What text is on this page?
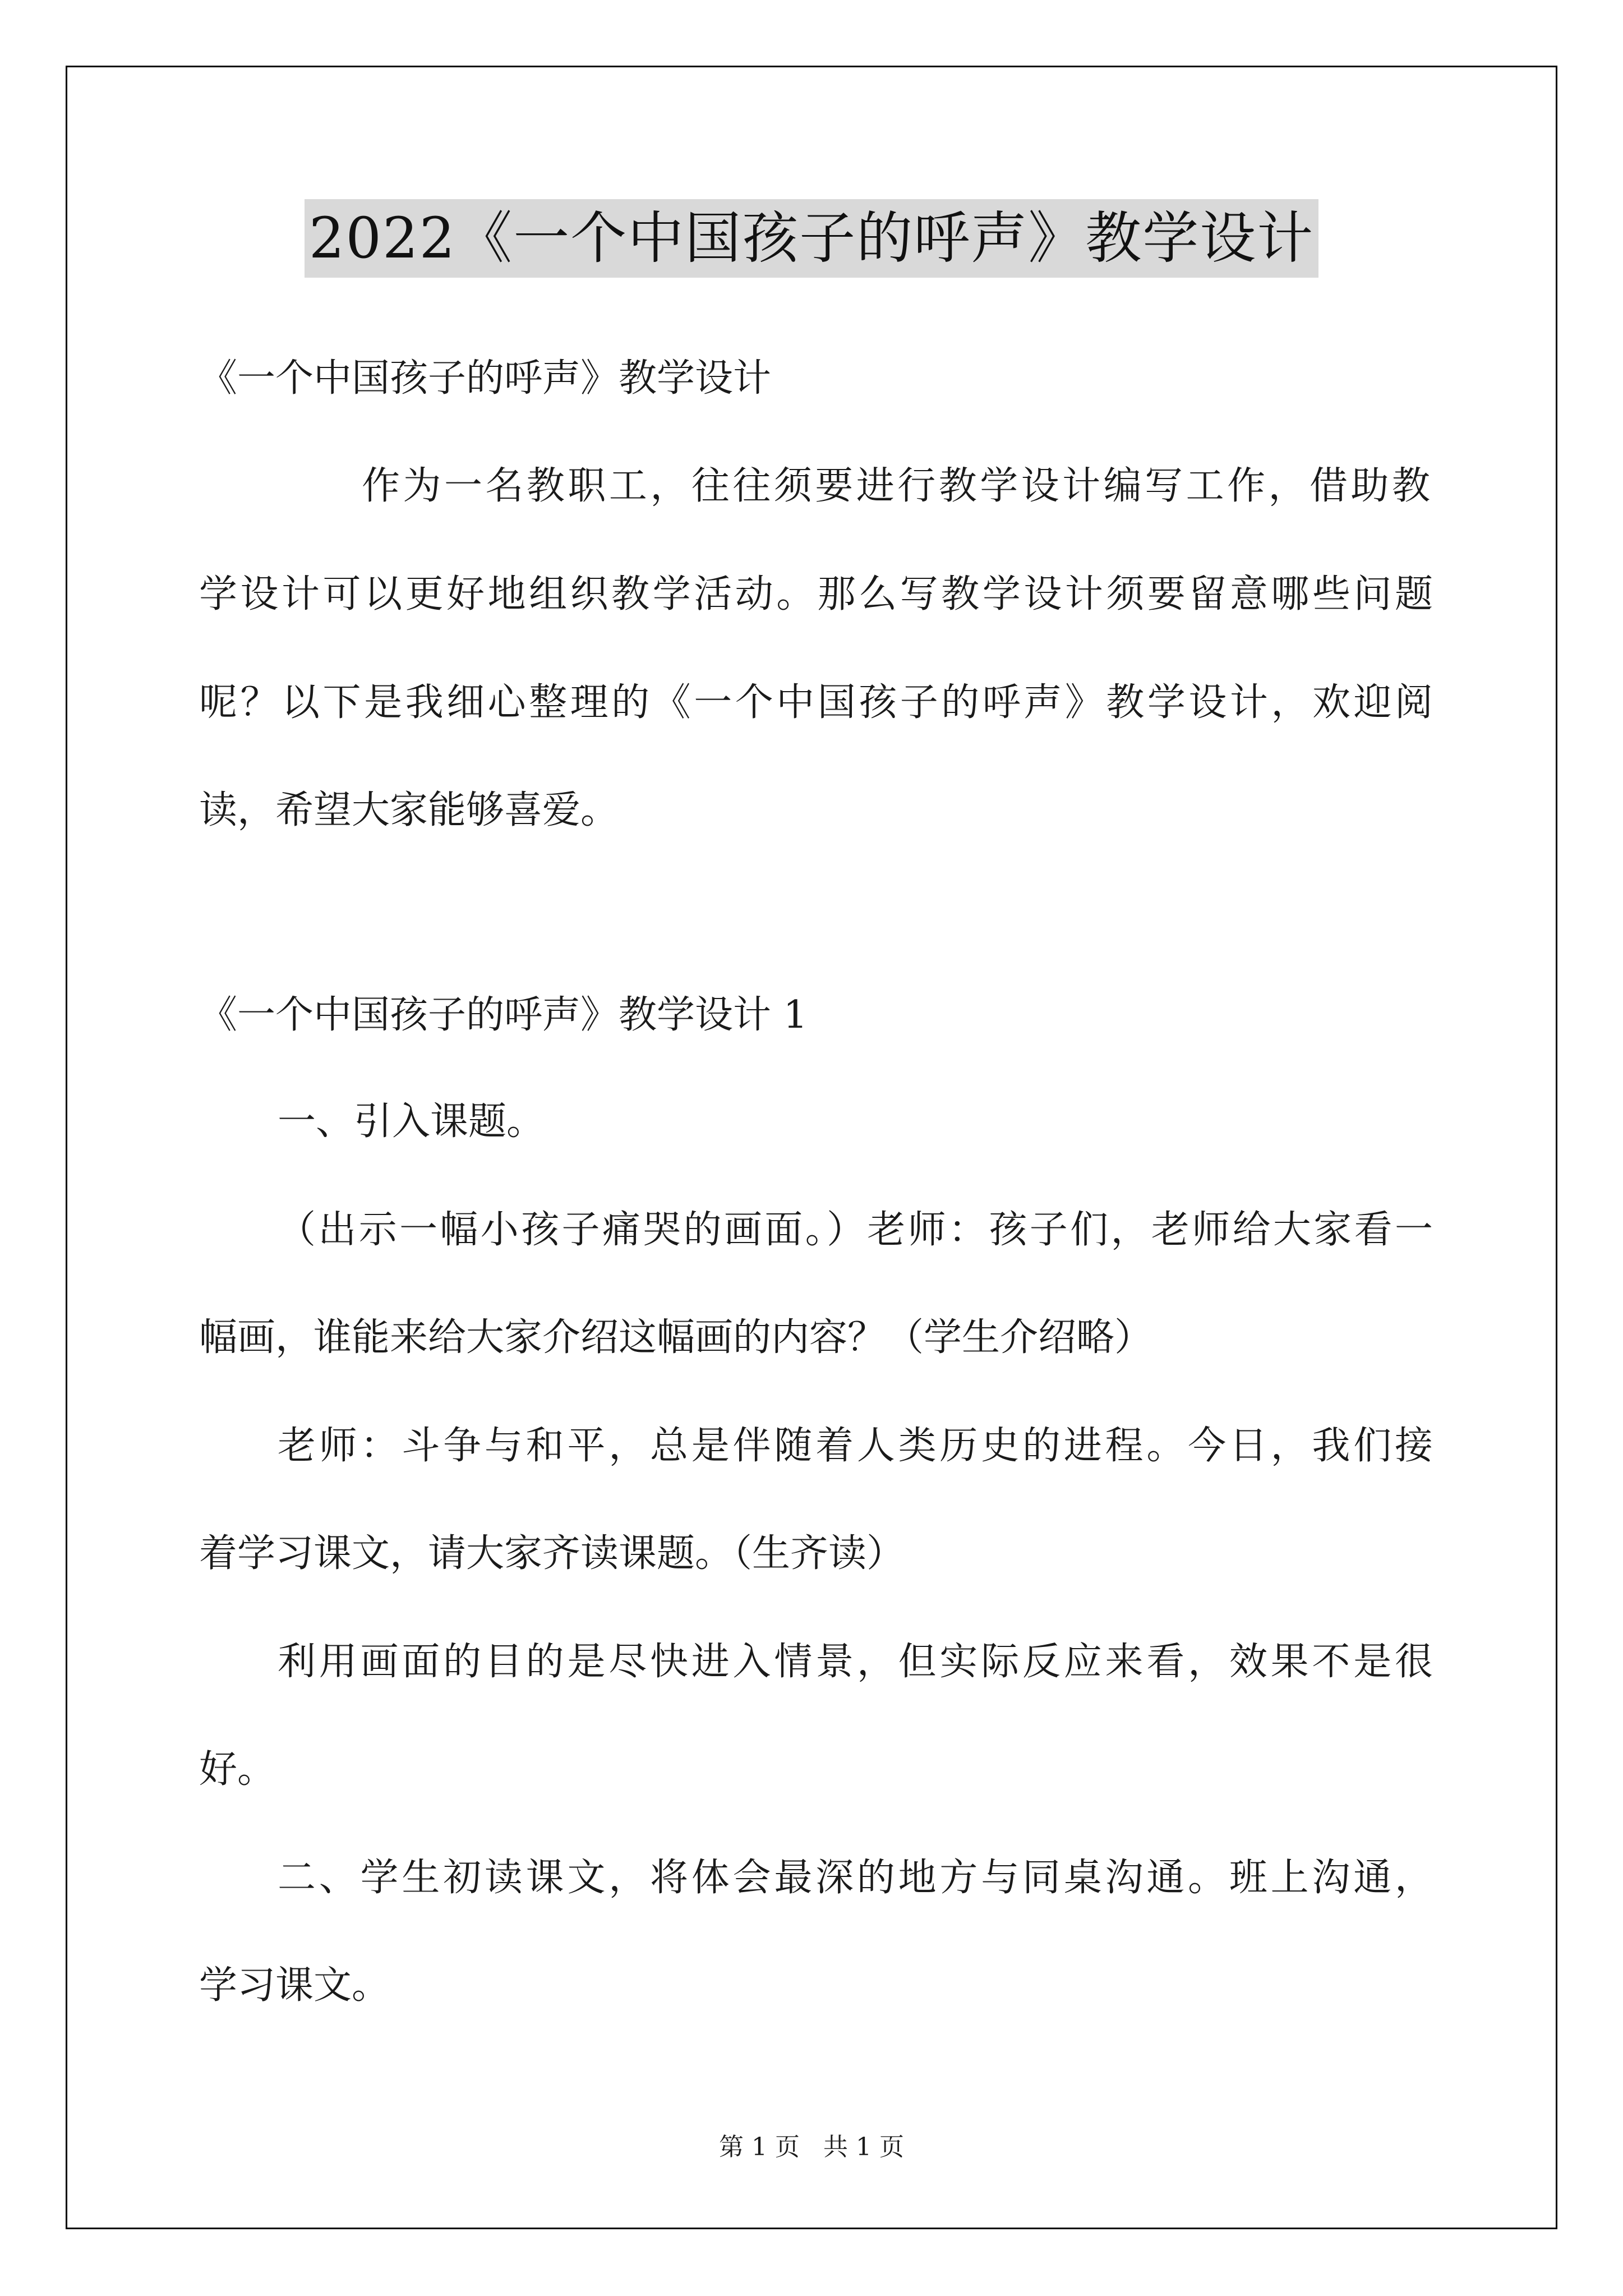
2022《一个中国孩子的呼声》教学设计
《一个中国孩子的呼声》教学设计
作为一名教职工，往往须要进行教学设计编写工作，借助教
学设计可以更好地组织教学活动。那么写教学设计须要留意哪些问题
呢？以下是我细心整理的《一个中国孩子的呼声》教学设计，欢迎阅
读，希望大家能够喜爱。
《一个中国孩子的呼声》教学设计 1
一、引入课题。
（出示一幅小孩子痛哭的画面。）老师：孩子们，老师给大家看一
幅画，谁能来给大家介绍这幅画的内容？（学生介绍略）
老师：斗争与和平，总是伴随着人类历史的进程。今日，我们接
着学习课文，请大家齐读课题。（生齐读）
利用画面的目的是尽快进入情景，但实际反应来看，效果不是很
好。
二、学生初读课文，将体会最深的地方与同桌沟通。班上沟通，
学习课文。
第 1 页 共 1 页
